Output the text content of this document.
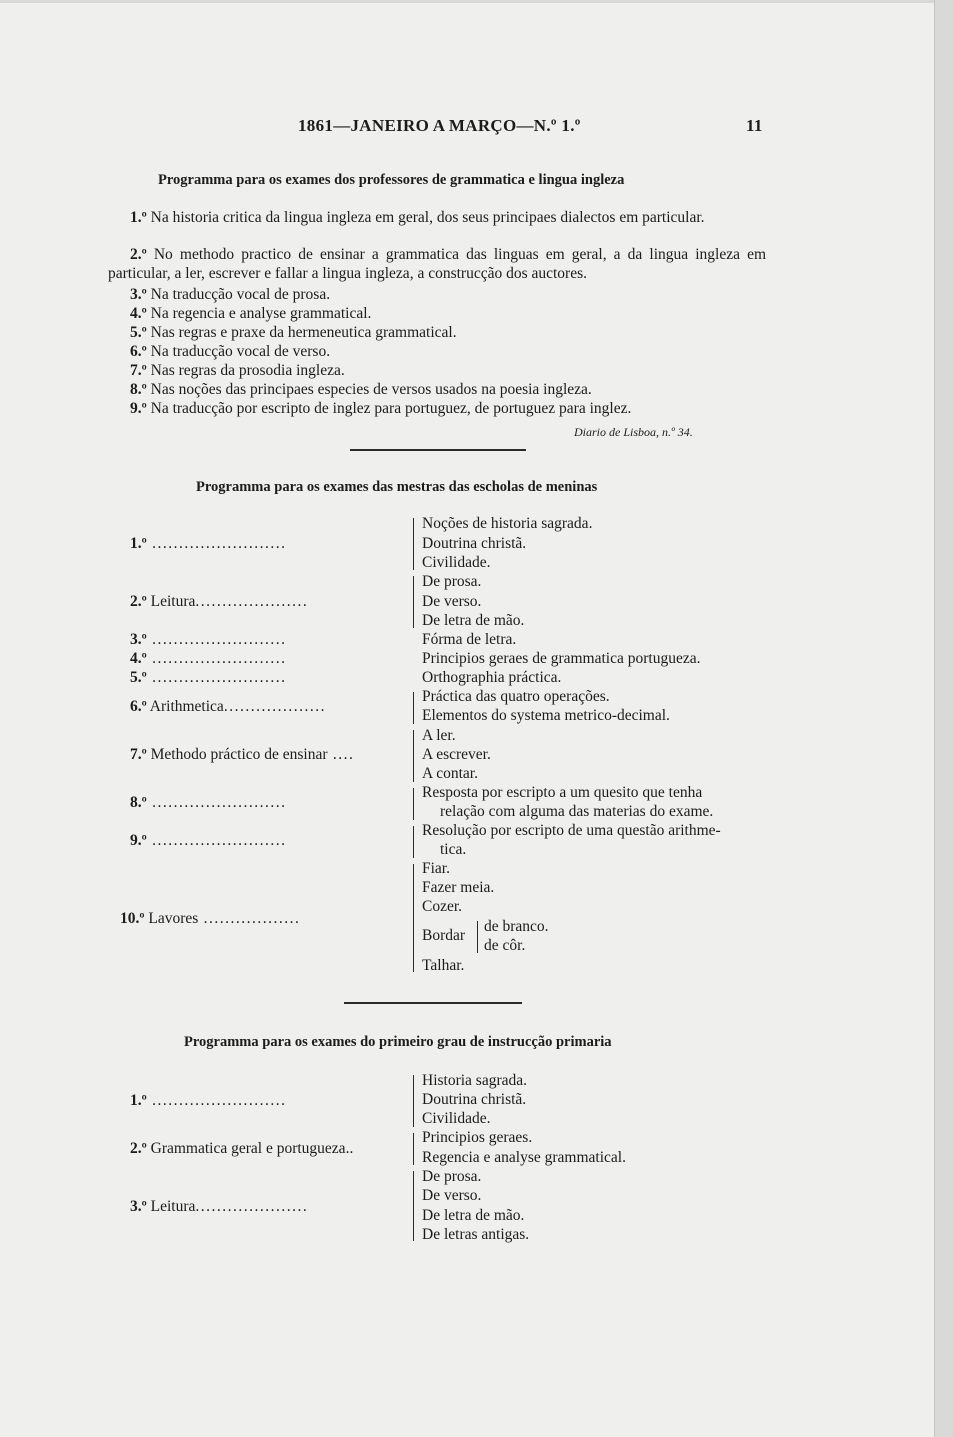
1861—JANEIRO A MARÇO—N.º 1.º	11
Programma para os exames dos professores de grammatica e lingua ingleza
1.º Na historia critica da lingua ingleza em geral, dos seus principaes dialectos em particular.
2.º No methodo practico de ensinar a grammatica das linguas em geral, a da lingua ingleza em particular, a ler, escrever e fallar a lingua ingleza, a construcção dos auctores.
3.º Na traducção vocal de prosa.
4.º Na regencia e analyse grammatical.
5.º Nas regras e praxe da hermeneutica grammatical.
6.º Na traducção vocal de verso.
7.º Nas regras da prosodia ingleza.
8.º Nas noções das principaes especies de versos usados na poesia ingleza.
9.º Na traducção por escripto de inglez para portuguez, de portuguez para inglez.
Diario de Lisboa, n.º 34.
Programma para os exames das mestras das escholas de meninas
1.º .........................
Noções de historia sagrada.
Doutrina christã.
Civilidade.
2.º Leitura.....................
De prosa.
De verso.
De letra de mão.
3.º .........................	Fórma de letra.
4.º .........................	Principios geraes de grammatica portugueza.
5.º .........................	Orthographia práctica.
6.º Arithmetica...................
Práctica das quatro operações.
Elementos do systema metrico-decimal.
7.º Methodo práctico de ensinar ....
A ler.
A escrever.
A contar.
8.º .........................
Resposta por escripto a um quesito que tenha
relação com alguma das materias do exame.
9.º .........................
Resolução por escripto de uma questão arithme-
tica.
10.º Lavores ..................
Fiar.
Fazer meia.
Cozer.
Bordar
de branco.
de côr.
Talhar.
Programma para os exames do primeiro grau de instrucção primaria
1.º .........................
Historia sagrada.
Doutrina christã.
Civilidade.
2.º Grammatica geral e portugueza..
Principios geraes.
Regencia e analyse grammatical.
3.º Leitura.....................
De prosa.
De verso.
De letra de mão.
De letras antigas.
